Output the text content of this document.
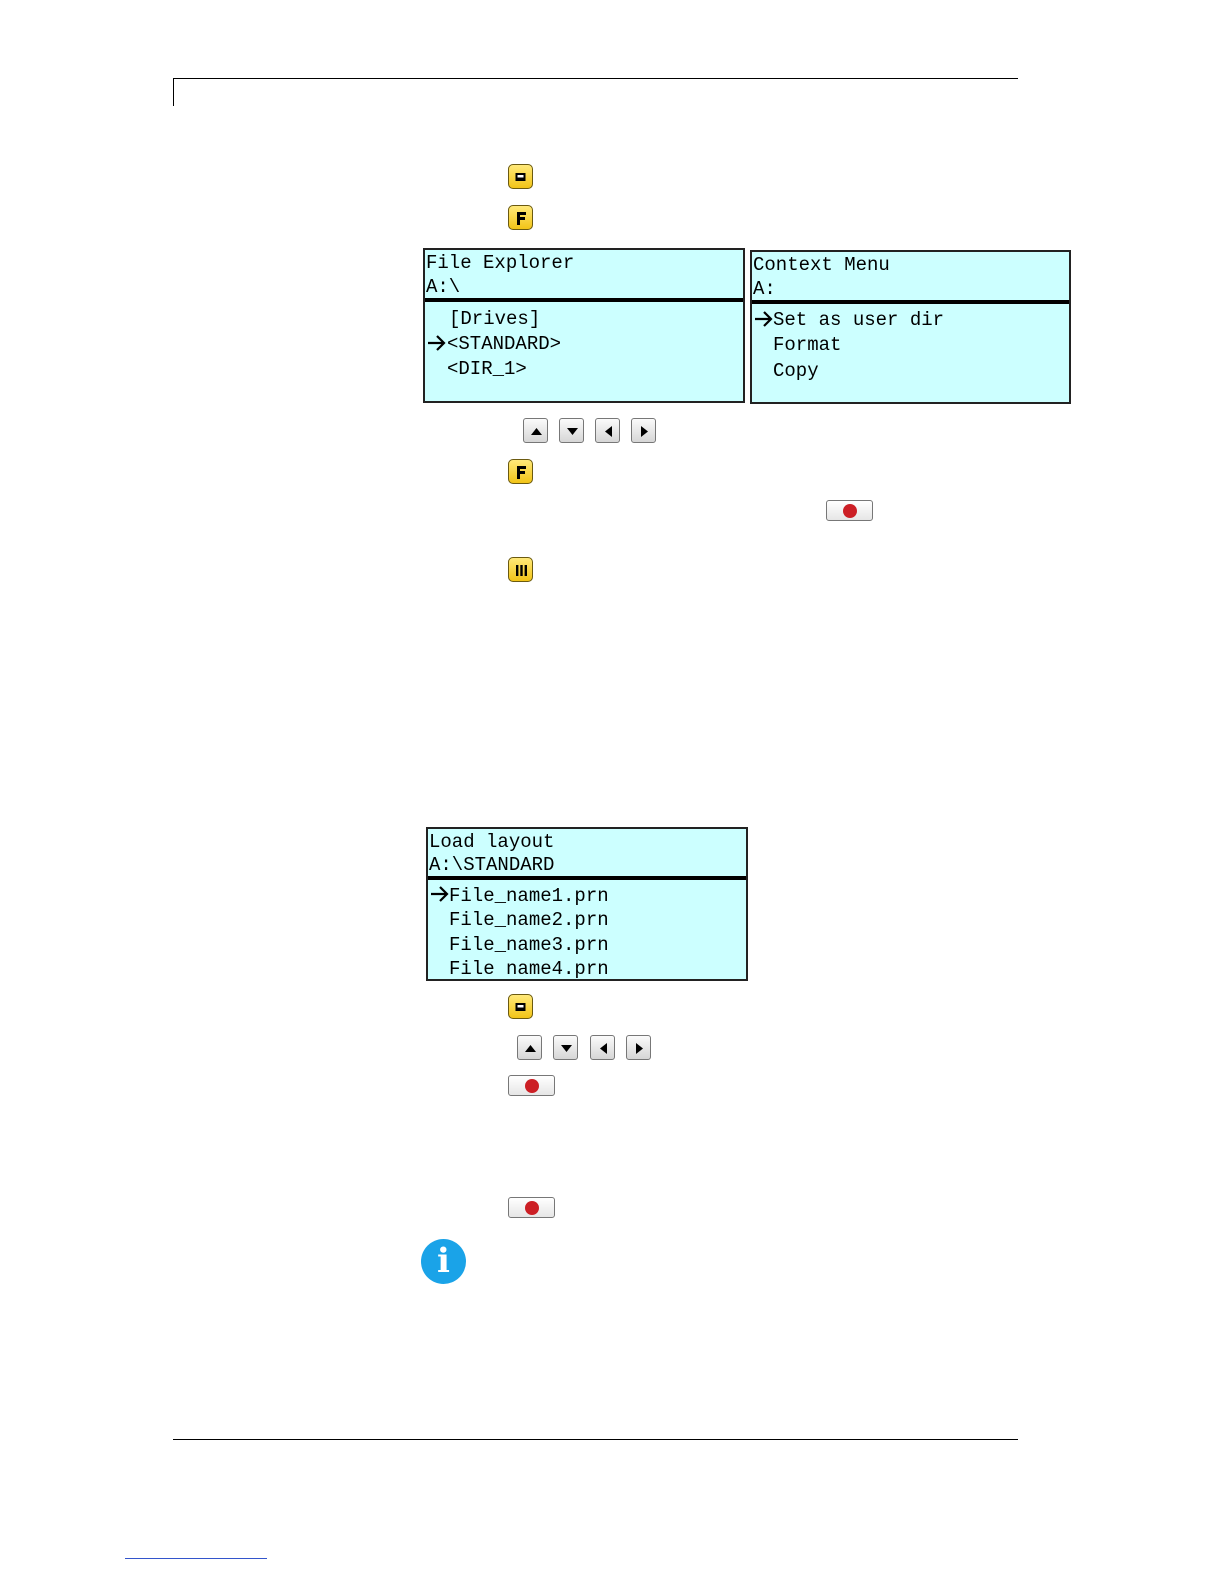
File Explorer
A:\
[Drives]
<STANDARD>
<DIR_1>
Context Menu
A:
Set as user dir
Format
Copy
Load layout
A:\STANDARD
File_name1.prn
File_name2.prn
File_name3.prn
File name4.prn
i
